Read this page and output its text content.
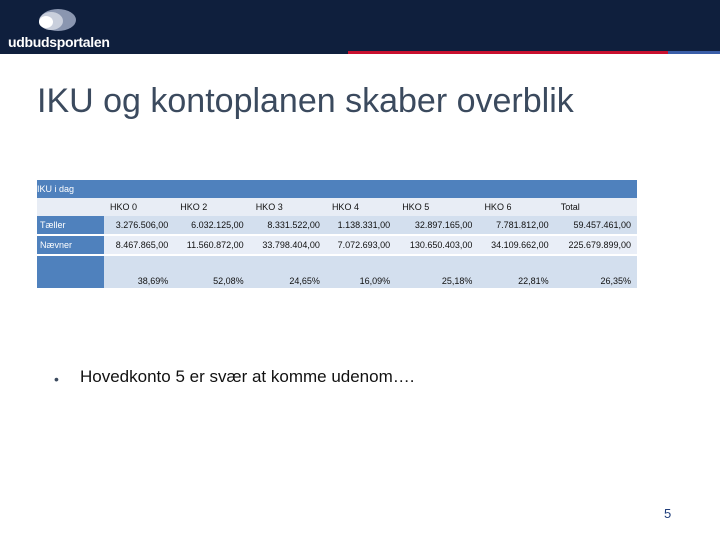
udbudsportalen
IKU og kontoplanen skaber overblik
IKU i dag							
	HKO 0	HKO 2	HKO 3	HKO 4	HKO 5	HKO 6	Total
Tæller	3.276.506,00	6.032.125,00	8.331.522,00	1.138.331,00	32.897.165,00	7.781.812,00	59.457.461,00
Nævner	8.467.865,00	11.560.872,00	33.798.404,00	7.072.693,00	130.650.403,00	34.109.662,00	225.679.899,00
	38,69%	52,08%	24,65%	16,09%	25,18%	22,81%	26,35%
• Hovedkonto 5 er svær at komme udenom….
5
